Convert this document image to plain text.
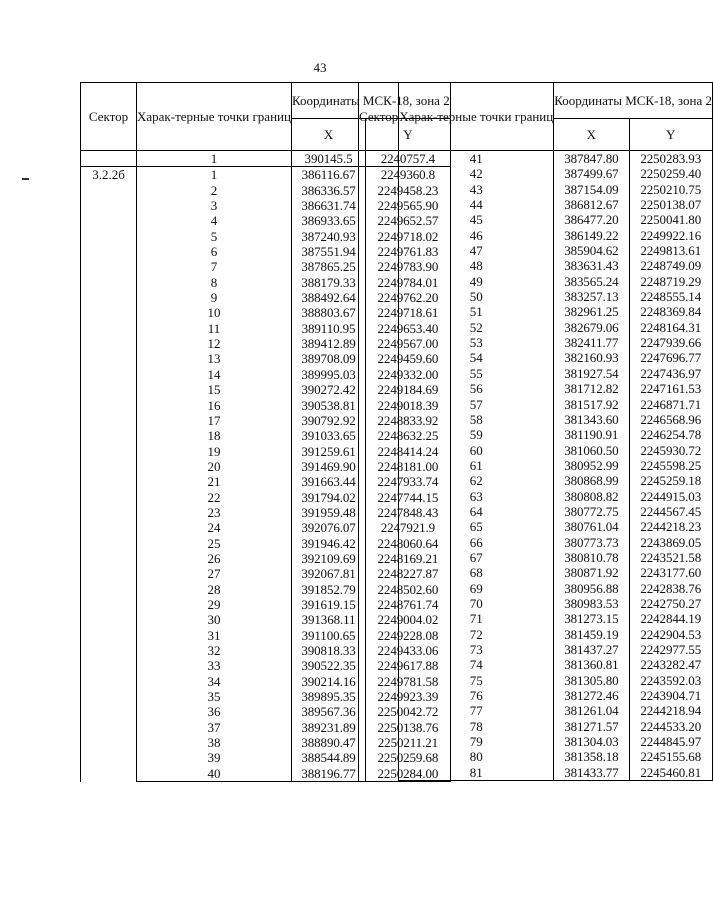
43
Сектор	Харак-терные точки границ	Координаты МСК-18, зона 2	
		X	Y
	1	390145.5	2240757.4
3.2.2б	1	386116.67	2249360.8
	2	386336.57	2249458.23
	3	386631.74	2249565.90
	4	386933.65	2249652.57
	5	387240.93	2249718.02
	6	387551.94	2249761.83
	7	387865.25	2249783.90
	8	388179.33	2249784.01
	9	388492.64	2249762.20
	10	388803.67	2249718.61
	11	389110.95	2249653.40
	12	389412.89	2249567.00
	13	389708.09	2249459.60
	14	389995.03	2249332.00
	15	390272.42	2249184.69
	16	390538.81	2249018.39
	17	390792.92	2248833.92
	18	391033.65	2248632.25
	19	391259.61	2248414.24
	20	391469.90	2248181.00
	21	391663.44	2247933.74
	22	391794.02	2247744.15
	23	391959.48	2247848.43
	24	392076.07	2247921.9
	25	391946.42	2248060.64
	26	392109.69	2248169.21
	27	392067.81	2248227.87
	28	391852.79	2248502.60
	29	391619.15	2248761.74
	30	391368.11	2249004.02
	31	391100.65	2249228.08
	32	390818.33	2249433.06
	33	390522.35	2249617.88
	34	390214.16	2249781.58
	35	389895.35	2249923.39
	36	389567.36	2250042.72
	37	389231.89	2250138.76
	38	388890.47	2250211.21
	39	388544.89	2250259.68
	40	388196.77	2250284.00
Сектор	Харак-терные точки границ	Координаты МСК-18, зона 2	
		X	Y
	41	387847.80	2250283.93
	42	387499.67	2250259.40
	43	387154.09	2250210.75
	44	386812.67	2250138.07
	45	386477.20	2250041.80
	46	386149.22	2249922.16
	47	385904.62	2249813.61
	48	383631.43	2248749.09
	49	383565.24	2248719.29
	50	383257.13	2248555.14
	51	382961.25	2248369.84
	52	382679.06	2248164.31
	53	382411.77	2247939.66
	54	382160.93	2247696.77
	55	381927.54	2247436.97
	56	381712.82	2247161.53
	57	381517.92	2246871.71
	58	381343.60	2246568.96
	59	381190.91	2246254.78
	60	381060.50	2245930.72
	61	380952.99	2245598.25
	62	380868.99	2245259.18
	63	380808.82	2244915.03
	64	380772.75	2244567.45
	65	380761.04	2244218.23
	66	380773.73	2243869.05
	67	380810.78	2243521.58
	68	380871.92	2243177.60
	69	380956.88	2242838.76
	70	380983.53	2242750.27
	71	381273.15	2242844.19
	72	381459.19	2242904.53
	73	381437.27	2242977.55
	74	381360.81	2243282.47
	75	381305.80	2243592.03
	76	381272.46	2243904.71
	77	381261.04	2244218.94
	78	381271.57	2244533.20
	79	381304.03	2244845.97
	80	381358.18	2245155.68
	81	381433.77	2245460.81
